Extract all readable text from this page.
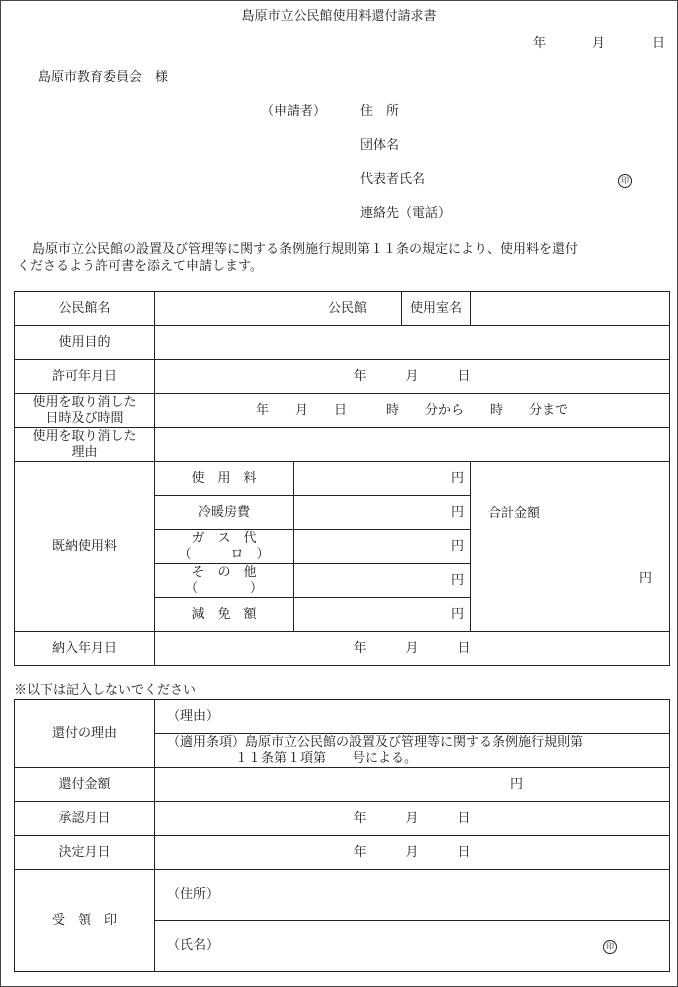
島原市立公民館使用料還付請求書
年	月	日
島原市教育委員会　様
（申請者）	住　所
団体名
代表者氏名	印
連絡先（電話）
島原市立公民館の設置及び管理等に関する条例施行規則第１１条の規定により、使用料を還付
くださるよう許可書を添えて申請します。
公民館名	公民館		使用室名	
使用目的				
許可年月日	年　　　月　　　日			
使用を取り消した
日時及び時間	年　　月　　日　　　時　　分から　　時　　分まで			
使用を取り消した
理由				
既納使用料	使　用　料	円		合計金額
円

	冷暖房費	円		

	ガ　ス　代
（　　　ロ　）	円		

	そ　の　他
（　　　　）	円		

	減　免　額	円		

納入年月日	年　　　月　　　日			
※以下は記入しないでください
還付の理由	（理由）
	（適用条項）島原市立公民館の設置及び管理等に関する条例施行規則第
１１条第１項第　　号による。
還付金額	円

承認月日	年　　　月　　　日
決定月日	年　　　月　　　日
受　領　印	（住所）
	（氏名） 印
